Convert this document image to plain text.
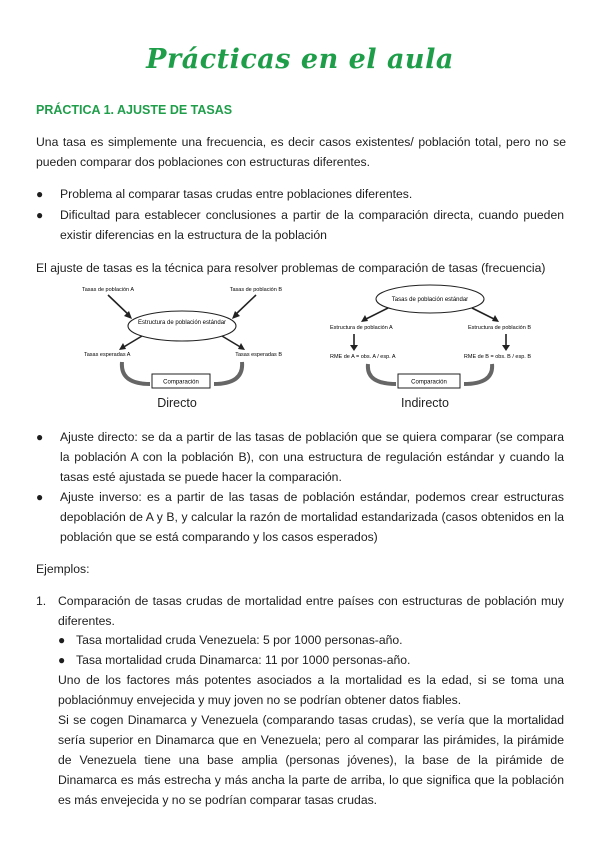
Prácticas en el aula
PRÁCTICA 1. AJUSTE DE TASAS
Una tasa es simplemente una frecuencia, es decir casos existentes/ población total, pero no se pueden comparar dos poblaciones con estructuras diferentes.
● Problema al comparar tasas crudas entre poblaciones diferentes.
● Dificultad para establecer conclusiones a partir de la comparación directa, cuando pueden existir diferencias en la estructura de la población
El ajuste de tasas es la técnica para resolver problemas de comparación de tasas (frecuencia)
Tasas de población A	Tasas de población B
Estructura de población estándar
Tasas esperadas A	Tasas esperadas B
Comparación
Directo
Tasas de población estándar
Estructura de población A	Estructura de población B
RME de A = obs. A / esp. A	RME de B = obs. B / esp. B
Comparación
Indirecto
● Ajuste directo: se da a partir de las tasas de población que se quiera comparar (se compara la población A con la población B), con una estructura de regulación estándar y cuando la tasas esté ajustada se puede hacer la comparación.
● Ajuste inverso: es a partir de las tasas de población estándar, podemos crear estructuras depoblación de A y B, y calcular la razón de mortalidad estandarizada (casos obtenidos en la población que se está comparando y los casos esperados)
Ejemplos:
1. Comparación de tasas crudas de mortalidad entre países con estructuras de población muy diferentes.
● Tasa mortalidad cruda Venezuela: 5 por 1000 personas-año.
● Tasa mortalidad cruda Dinamarca: 11 por 1000 personas-año.
Uno de los factores más potentes asociados a la mortalidad es la edad, si se toma una poblaciónmuy envejecida y muy joven no se podrían obtener datos fiables.
Si se cogen Dinamarca y Venezuela (comparando tasas crudas), se vería que la mortalidad sería superior en Dinamarca que en Venezuela; pero al comparar las pirámides, la pirámide de Venezuela tiene una base amplia (personas jóvenes), la base de la pirámide de Dinamarca es más estrecha y más ancha la parte de arriba, lo que significa que la población es más envejecida y no se podrían comparar tasas crudas.
